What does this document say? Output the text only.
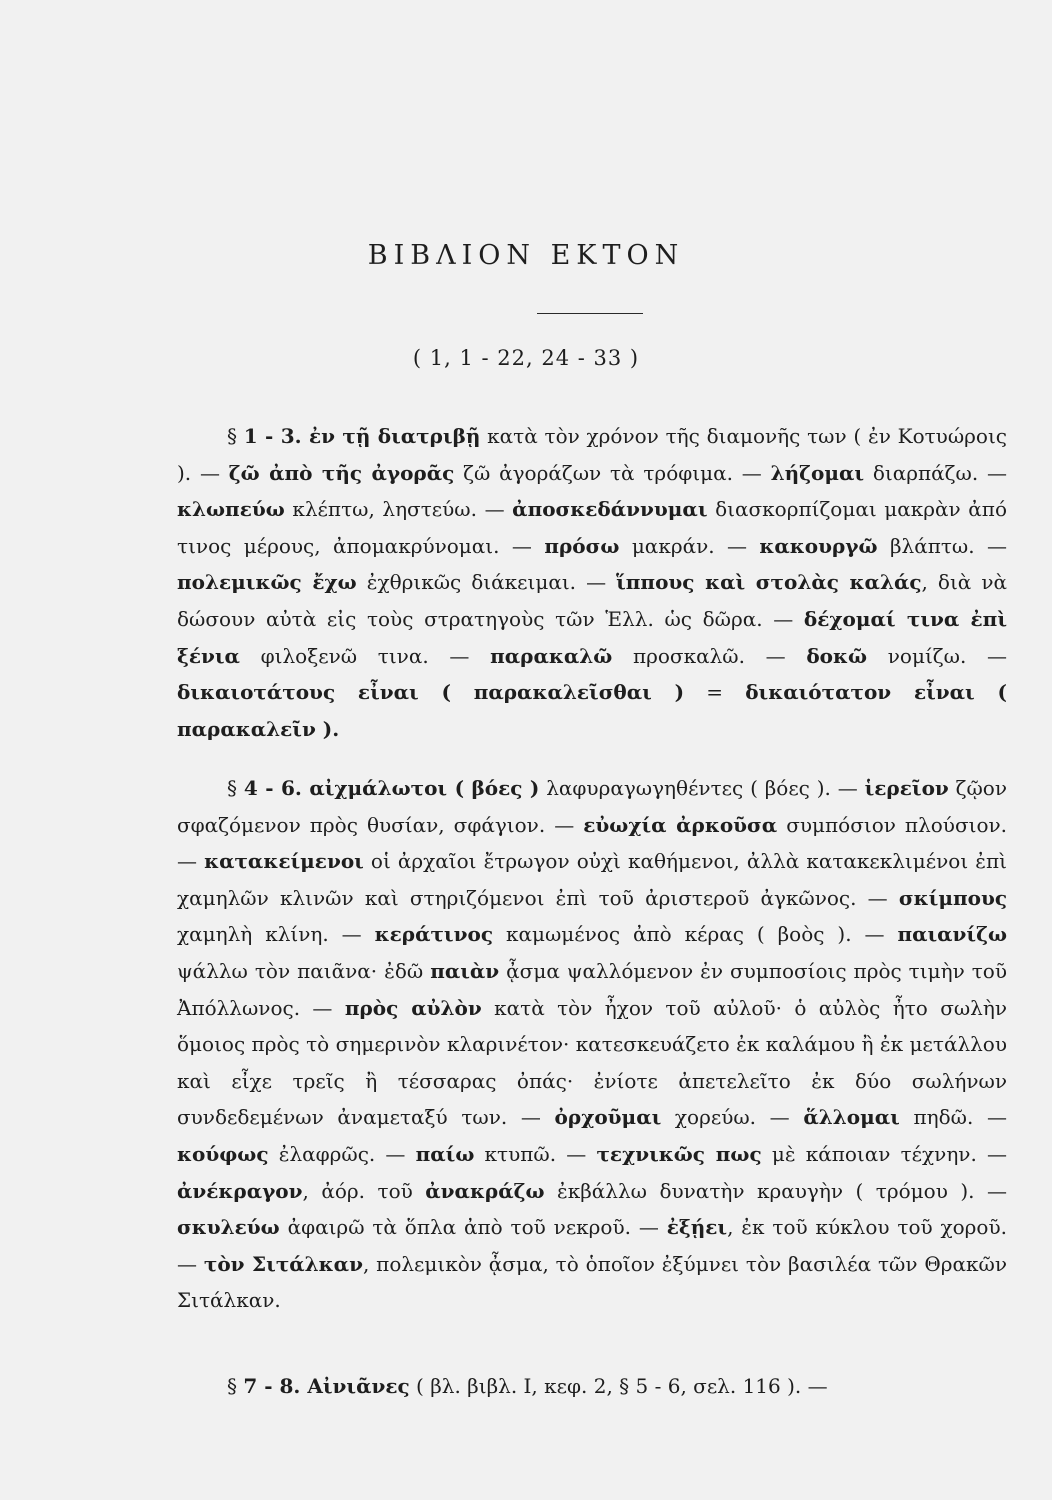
ΒΙΒΛΙΟΝ ΕΚΤΟΝ
( 1, 1 - 22, 24 - 33 )

§ 1 - 3. ἐν τῇ διατριβῇ κατὰ τὸν χρόνον τῆς διαμονῆς των ( ἐν Κοτυώροις ). — ζῶ ἀπὸ τῆς ἀγορᾶς ζῶ ἀγοράζων τὰ τρόφιμα. — λήζομαι διαρπάζω. — κλωπεύω κλέπτω, ληστεύω. — ἀποσκεδάννυμαι διασκορπίζομαι μακρὰν ἀπό τινος μέρους, ἀπομακρύνομαι. — πρόσω μακράν. — κακουργῶ βλάπτω. — πολεμικῶς ἔχω ἐχθρικῶς διάκειμαι. — ἵππους καὶ στολὰς καλάς, διὰ νὰ δώσουν αὐτὰ εἰς τοὺς στρατηγοὺς τῶν Ἑλλ. ὡς δῶρα. — δέχομαί τινα ἐπὶ ξένια φιλοξενῶ τινα. — παρακαλῶ προσκαλῶ. — δοκῶ νομίζω. — δικαιοτάτους εἶναι ( παρακαλεῖσθαι ) = δικαιότατον εἶναι ( παρακαλεῖν ).

§ 4 - 6. αἰχμάλωτοι ( βόες ) λαφυραγωγηθέντες ( βόες ). — ἱερεῖον ζῷον σφαζόμενον πρὸς θυσίαν, σφάγιον. — εὐωχία ἀρκοῦσα συμπόσιον πλούσιον. — κατακείμενοι οἱ ἀρχαῖοι ἔτρωγον οὐχὶ καθήμενοι, ἀλλὰ κατακεκλιμένοι ἐπὶ χαμηλῶν κλινῶν καὶ στηριζόμενοι ἐπὶ τοῦ ἀριστεροῦ ἀγκῶνος. — σκίμπους χαμηλὴ κλίνη. — κεράτινος καμωμένος ἀπὸ κέρας ( βοὸς ). — παιανίζω ψάλλω τὸν παιᾶνα· ἐδῶ παιὰν ᾆσμα ψαλλόμενον ἐν συμποσίοις πρὸς τιμὴν τοῦ Ἀπόλλωνος. — πρὸς αὐλὸν κατὰ τὸν ἦχον τοῦ αὐλοῦ· ὁ αὐλὸς ἦτο σωλὴν ὅμοιος πρὸς τὸ σημερινὸν κλαρινέτον· κατεσκευάζετο ἐκ καλάμου ἢ ἐκ μετάλλου καὶ εἶχε τρεῖς ἢ τέσσαρας ὀπάς· ἐνίοτε ἀπετελεῖτο ἐκ δύο σωλήνων συνδεδεμένων ἀναμεταξύ των. — ὀρχοῦμαι χορεύω. — ἅλλομαι πηδῶ. — κούφως ἐλαφρῶς. — παίω κτυπῶ. — τεχνικῶς πως μὲ κάποιαν τέχνην. — ἀνέκραγον, ἀόρ. τοῦ ἀνακράζω ἐκβάλλω δυνατὴν κραυγὴν ( τρόμου ). — σκυλεύω ἀφαιρῶ τὰ ὅπλα ἀπὸ τοῦ νεκροῦ. — ἐξῄει, ἐκ τοῦ κύκλου τοῦ χοροῦ. — τὸν Σιτάλκαν, πολεμικὸν ᾆσμα, τὸ ὁποῖον ἐξύμνει τὸν βασιλέα τῶν Θρακῶν Σιτάλκαν.

§ 7 - 8. Αἰνιᾶνες ( βλ. βιβλ. Ι, κεφ. 2, § 5 - 6, σελ. 116 ). —
